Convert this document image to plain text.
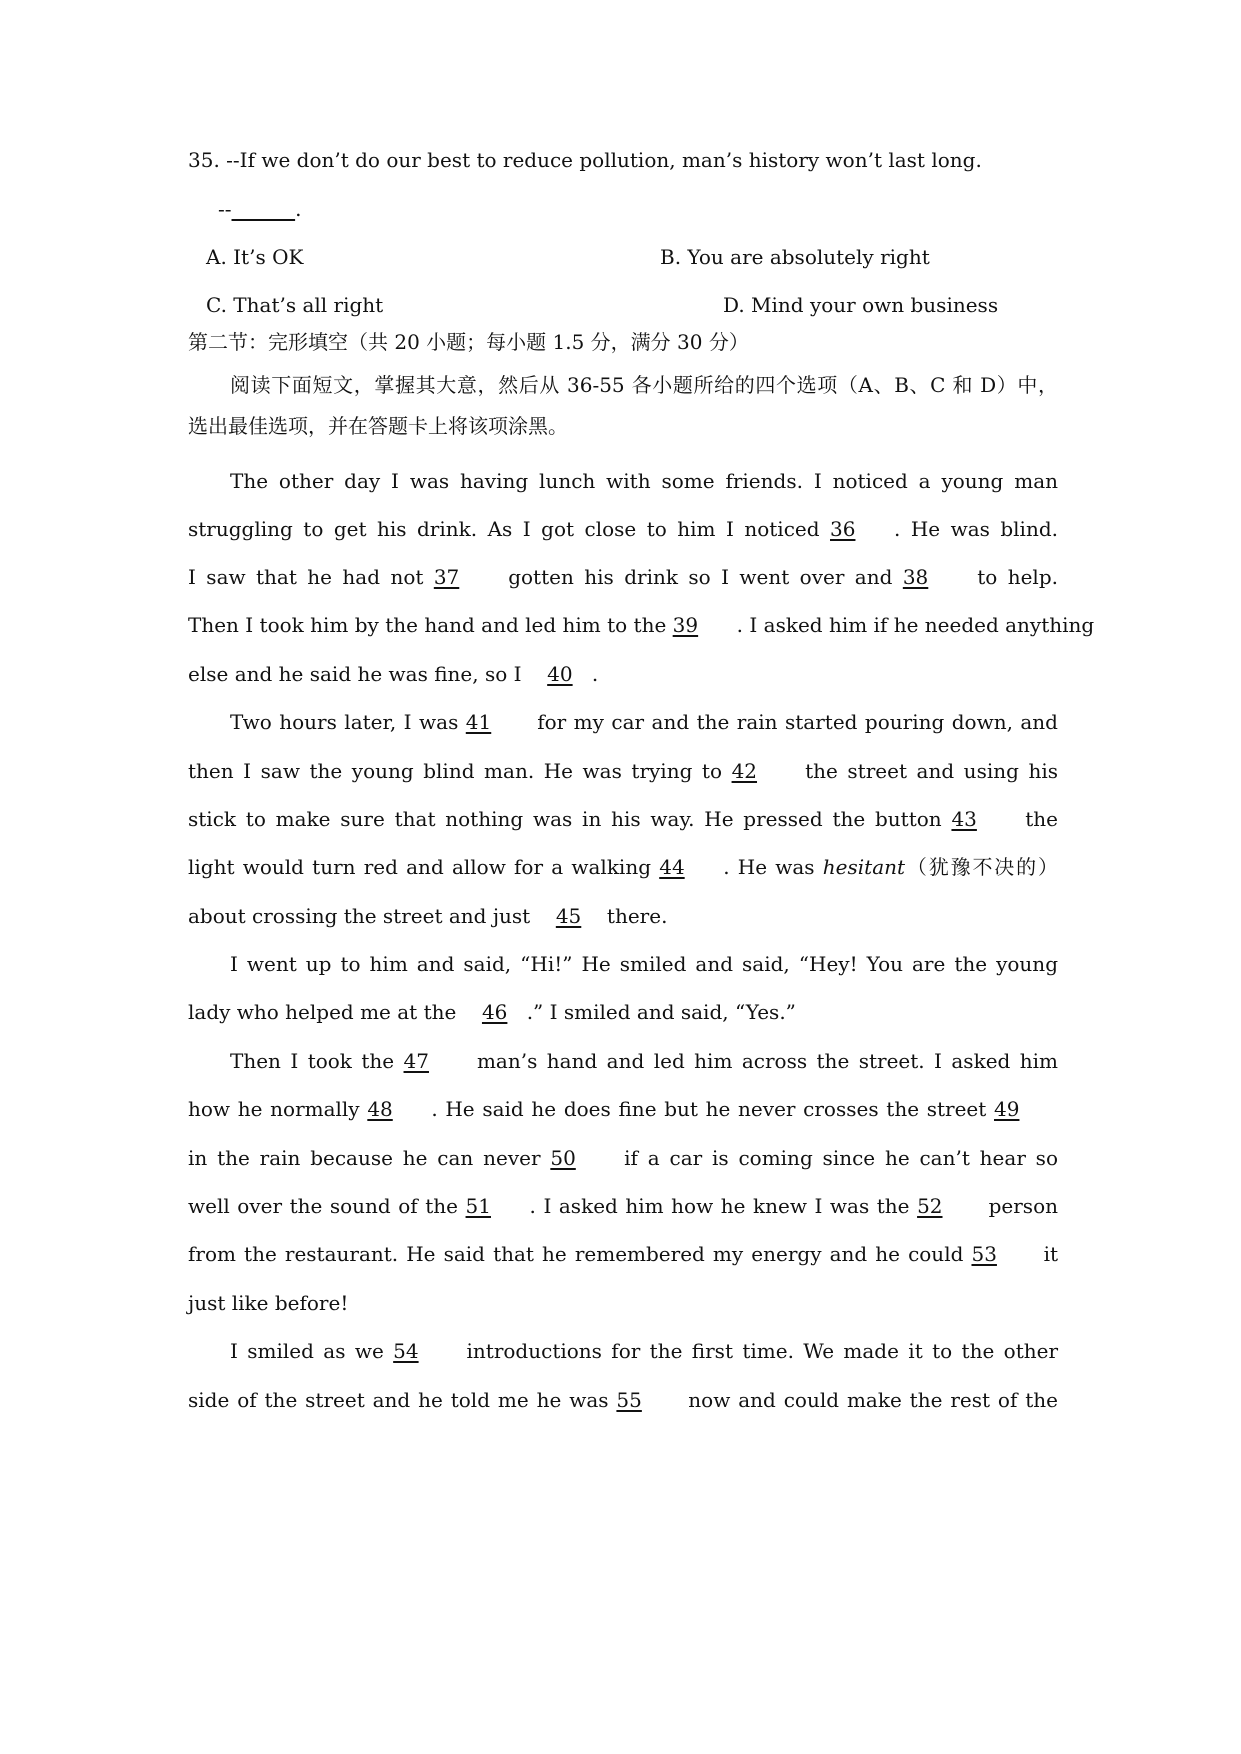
35. --If we don’t do our best to reduce pollution, man’s history won’t last long.
--	.
A. It’s OK	B. You are absolutely right
C. That’s all right	D. Mind your own business
第二节：完形填空（共 20 小题；每小题 1.5 分，满分 30 分）
阅读下面短文，掌握其大意，然后从 36-55 各小题所给的四个选项（A、B、C 和 D）中，
选出最佳选项，并在答题卡上将该项涂黑。
The other day I was having lunch with some friends. I noticed a young man
struggling to get his drink. As I got close to him I noticed 36 . He was blind.
I saw that he had not 37 gotten his drink so I went over and 38 to help.
Then I took him by the hand and led him to the 39 . I asked him if he needed anything
else and he said he was fine, so I 40 .
Two hours later, I was 41 for my car and the rain started pouring down, and
then I saw the young blind man. He was trying to 42 the street and using his
stick to make sure that nothing was in his way. He pressed the button 43 the
light would turn red and allow for a walking 44 . He was hesitant（犹豫不决的）
about crossing the street and just 45 there.
I went up to him and said, “Hi!” He smiled and said, “Hey! You are the young
lady who helped me at the 46 .” I smiled and said, “Yes.”
Then I took the 47 man’s hand and led him across the street. I asked him
how he normally 48 . He said he does fine but he never crosses the street 49
in the rain because he can never 50 if a car is coming since he can’t hear so
well over the sound of the 51 . I asked him how he knew I was the 52 person
from the restaurant. He said that he remembered my energy and he could 53 it
just like before!
I smiled as we 54 introductions for the first time. We made it to the other
side of the street and he told me he was 55 now and could make the rest of the
